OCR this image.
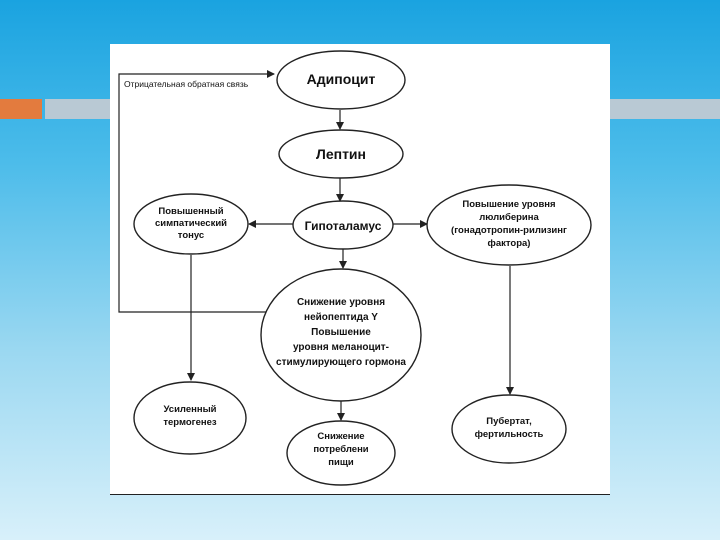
Отрицательная обратная связь	Адипоцит
Лептин
Гипоталамус
Повышенный симпатический тонус
Повышение уровня люлиберина (гонадотропин-рилизинг фактора)
Снижение уровня нейопептида Y Повышение уровня меланоцит-стимулирующего гормона
Усиленный термогенез
Снижение потреблени пищи
Пубертат, фертильность
